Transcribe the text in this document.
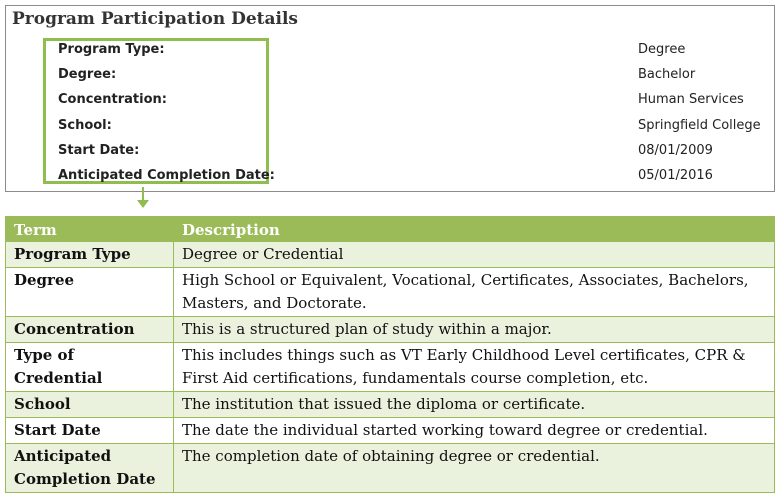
Program Participation Details
Program Type:	Degree
Degree:	Bachelor
Concentration:	Human Services
School:	Springfield College
Start Date:	08/01/2009
Anticipated Completion Date:	05/01/2016
Term	Description
Program Type	Degree or Credential
Degree	High School or Equivalent, Vocational, Certificates, Associates, Bachelors, Masters, and Doctorate.
Concentration	This is a structured plan of study within a major.
Type of Credential	This includes things such as VT Early Childhood Level certificates, CPR & First Aid certifications, fundamentals course completion, etc.
School	The institution that issued the diploma or certificate.
Start Date	The date the individual started working toward degree or credential.
Anticipated Completion Date	The completion date of obtaining degree or credential.
